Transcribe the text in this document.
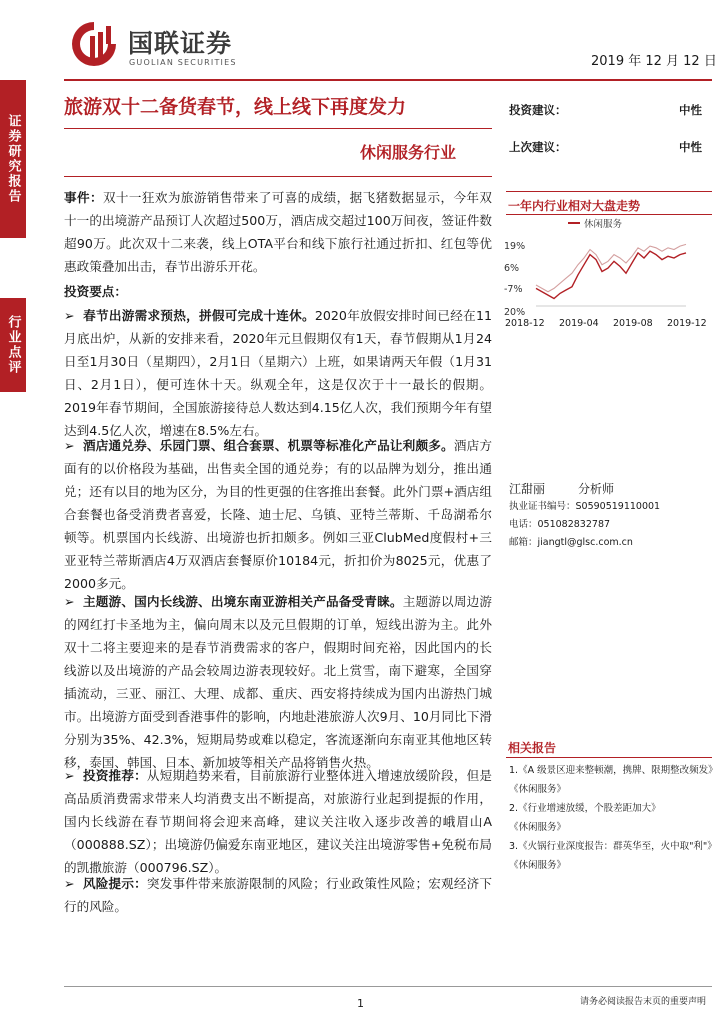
国联证券
GUOLIAN SECURITIES	2019 年 12 月 12 日
证券研究报告
行业点评
旅游双十二备货春节，线上线下再度发力
休闲服务行业
投资建议：	中性
上次建议：	中性
一年内行业相对大盘走势
休闲服务
19%
6%
-7%
20%
2018-12 2019-04 2019-08 2019-12
江甜丽	分析师
执业证书编号：S0590519110001
电话：051082832787
邮箱：jiangtl@glsc.com.cn
相关报告
1.《A 级景区迎来整顿潮，携牌、限期整改频发》
《休闲服务》
2.《行业增速放缓，个股差距加大》
《休闲服务》
3.《火锅行业深度报告：群英华至，火中取"利"》
《休闲服务》
事件：双十一狂欢为旅游销售带来了可喜的成绩，据飞猪数据显示，今年双十一的出境游产品预订人次超过500万，酒店成交超过100万间夜，签证件数超90万。此次双十二来袭，线上OTA平台和线下旅行社通过折扣、红包等优惠政策叠加出击，春节出游乐开花。
投资要点：
➢  春节出游需求预热，拼假可完成十连休。2020年放假安排时间已经在11月底出炉，从新的安排来看，2020年元旦假期仅有1天，春节假期从1月24日至1月30日（星期四），2月1日（星期六）上班，如果请两天年假（1月31日、2月1日），便可连休十天。纵观全年，这是仅次于十一最长的假期。2019年春节期间，全国旅游接待总人数达到4.15亿人次，我们预期今年有望达到4.5亿人次，增速在8.5%左右。
➢  酒店通兑券、乐园门票、组合套票、机票等标准化产品让利颇多。酒店方面有的以价格段为基础，出售卖全国的通兑券；有的以品牌为划分，推出通兑；还有以目的地为区分，为目的性更强的住客推出套餐。此外门票+酒店组合套餐也备受消费者喜爱，长隆、迪士尼、乌镇、亚特兰蒂斯、千岛湖希尔顿等。机票国内长线游、出境游也折扣颇多。例如三亚ClubMed度假村+三亚亚特兰蒂斯酒店4万双酒店套餐原价10184元，折扣价为8025元，优惠了2000多元。
➢  主题游、国内长线游、出境东南亚游相关产品备受青睐。主题游以周边游的网红打卡圣地为主，偏向周末以及元旦假期的订单，短线出游为主。此外双十二将主要迎来的是春节消费需求的客户，假期时间充裕，因此国内的长线游以及出境游的产品会较周边游表现较好。北上赏雪，南下避寒，全国穿插流动，三亚、丽江、大理、成都、重庆、西安将持续成为国内出游热门城市。出境游方面受到香港事件的影响，内地赴港旅游人次9月、10月同比下滑分别为35%、42.3%，短期局势或难以稳定，客流逐渐向东南亚其他地区转移，泰国、韩国、日本、新加坡等相关产品将销售火热。
➢  投资推荐：从短期趋势来看，目前旅游行业整体进入增速放缓阶段，但是高品质消费需求带来人均消费支出不断提高，对旅游行业起到提振的作用，国内长线游在春节期间将会迎来高峰，建议关注收入逐步改善的峨眉山A（000888.SZ）；出境游仍偏爱东南亚地区，建议关注出境游零售+免税布局的凯撒旅游（000796.SZ）。
➢  风险提示：突发事件带来旅游限制的风险；行业政策性风险；宏观经济下行的风险。
1	请务必阅读报告末页的重要声明
